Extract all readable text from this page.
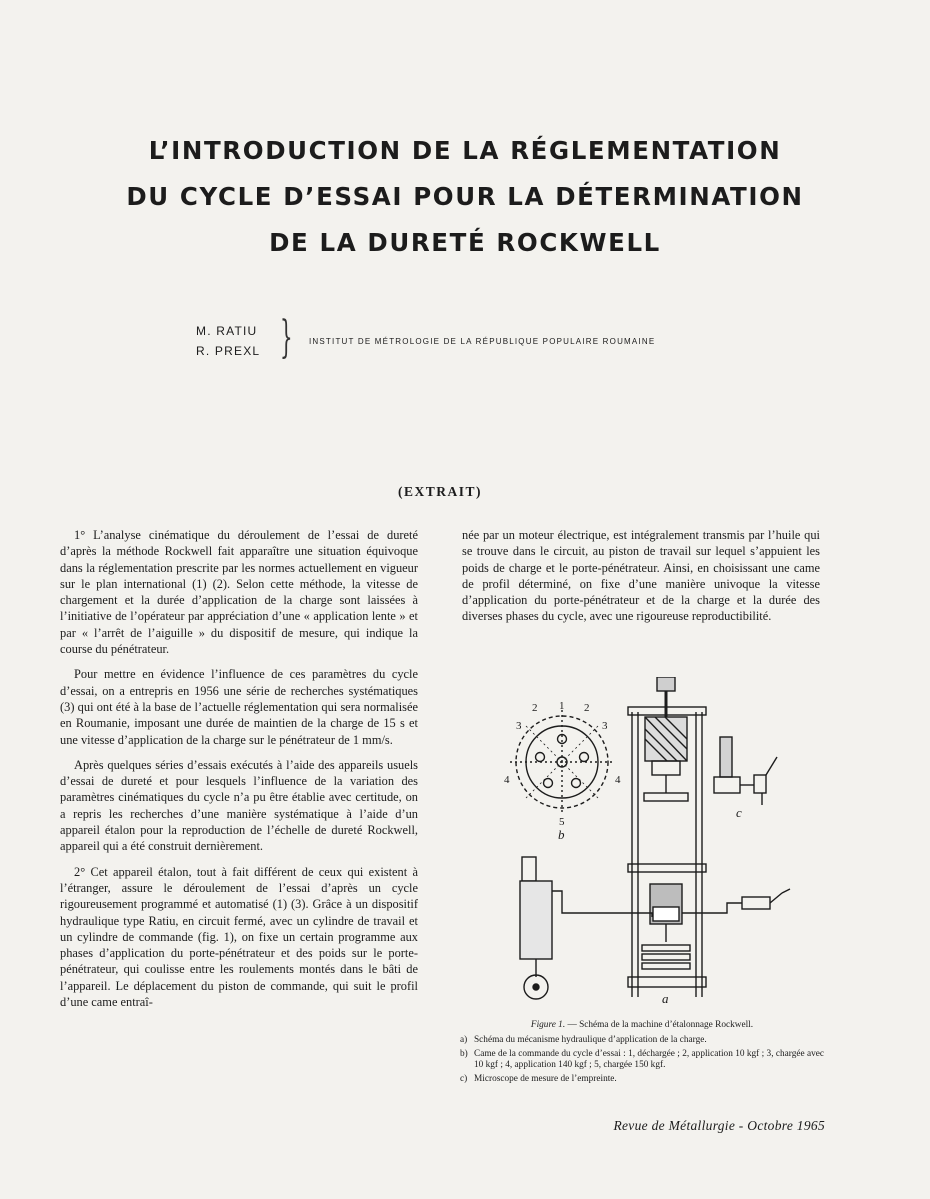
L’INTRODUCTION DE LA RÉGLEMENTATION
DU CYCLE D’ESSAI POUR LA DÉTERMINATION
DE LA DURETÉ ROCKWELL
M. RATIU
R. PREXL } INSTITUT DE MÉTROLOGIE DE LA RÉPUBLIQUE POPULAIRE ROUMAINE
(EXTRAIT)

1° L’analyse cinématique du déroulement de l’essai de dureté d’après la méthode Rockwell fait apparaître une situation équivoque dans la réglementation prescrite par les normes actuellement en vigueur sur le plan international (1) (2). Selon cette méthode, la vitesse de chargement et la durée d’application de la charge sont laissées à l’initiative de l’opérateur par appréciation d’une « application lente » et par « l’arrêt de l’aiguille » du dispositif de mesure, qui indique la course du pénétrateur.

Pour mettre en évidence l’influence de ces paramètres du cycle d’essai, on a entrepris en 1956 une série de recherches systématiques (3) qui ont été à la base de l’actuelle réglementation qui sera normalisée en Roumanie, imposant une durée de maintien de la charge de 15 s et une vitesse d’application de la charge sur le pénétrateur de 1 mm/s.

Après quelques séries d’essais exécutés à l’aide des appareils usuels d’essai de dureté et pour lesquels l’influence de la variation des paramètres cinématiques du cycle n’a pu être établie avec certitude, on a repris les recherches d’une manière systématique à l’aide d’un appareil étalon pour la reproduction de l’échelle de dureté Rockwell, appareil qui a été construit dernièrement.

2° Cet appareil étalon, tout à fait différent de ceux qui existent à l’étranger, assure le déroulement de l’essai d’après un cycle rigoureusement programmé et automatisé (1) (3). Grâce à un dispositif hydraulique type Ratiu, en circuit fermé, avec un cylindre de travail et un cylindre de commande (fig. 1), on fixe un certain programme aux phases d’application du porte-pénétrateur et des poids sur le porte-pénétrateur, qui coulisse entre les roulements montés dans le bâti de l’appareil. Le déplacement du piston de commande, qui suit le profil d’une came entraî-

née par un moteur électrique, est intégralement transmis par l’huile qui se trouve dans le circuit, au piston de travail sur lequel s’appuient les poids de charge et le porte-pénétrateur. Ainsi, en choisissant une came de profil déterminé, on fixe d’une manière univoque la vitesse d’application du porte-pénétrateur et de la charge et la durée des diverses phases du cycle, avec une rigoureuse reproductibilité.

1
2	2
3	3
4	4
5
b
c
a
Figure 1. — Schéma de la machine d’étalonnage Rockwell.
a) Schéma du mécanisme hydraulique d’application de la charge.
b) Came de la commande du cycle d’essai : 1, déchargée ; 2, application 10 kgf ; 3, chargée avec 10 kgf ; 4, application 140 kgf ; 5, chargée 150 kgf.
c) Microscope de mesure de l’empreinte.
Revue de Métallurgie - Octobre 1965
